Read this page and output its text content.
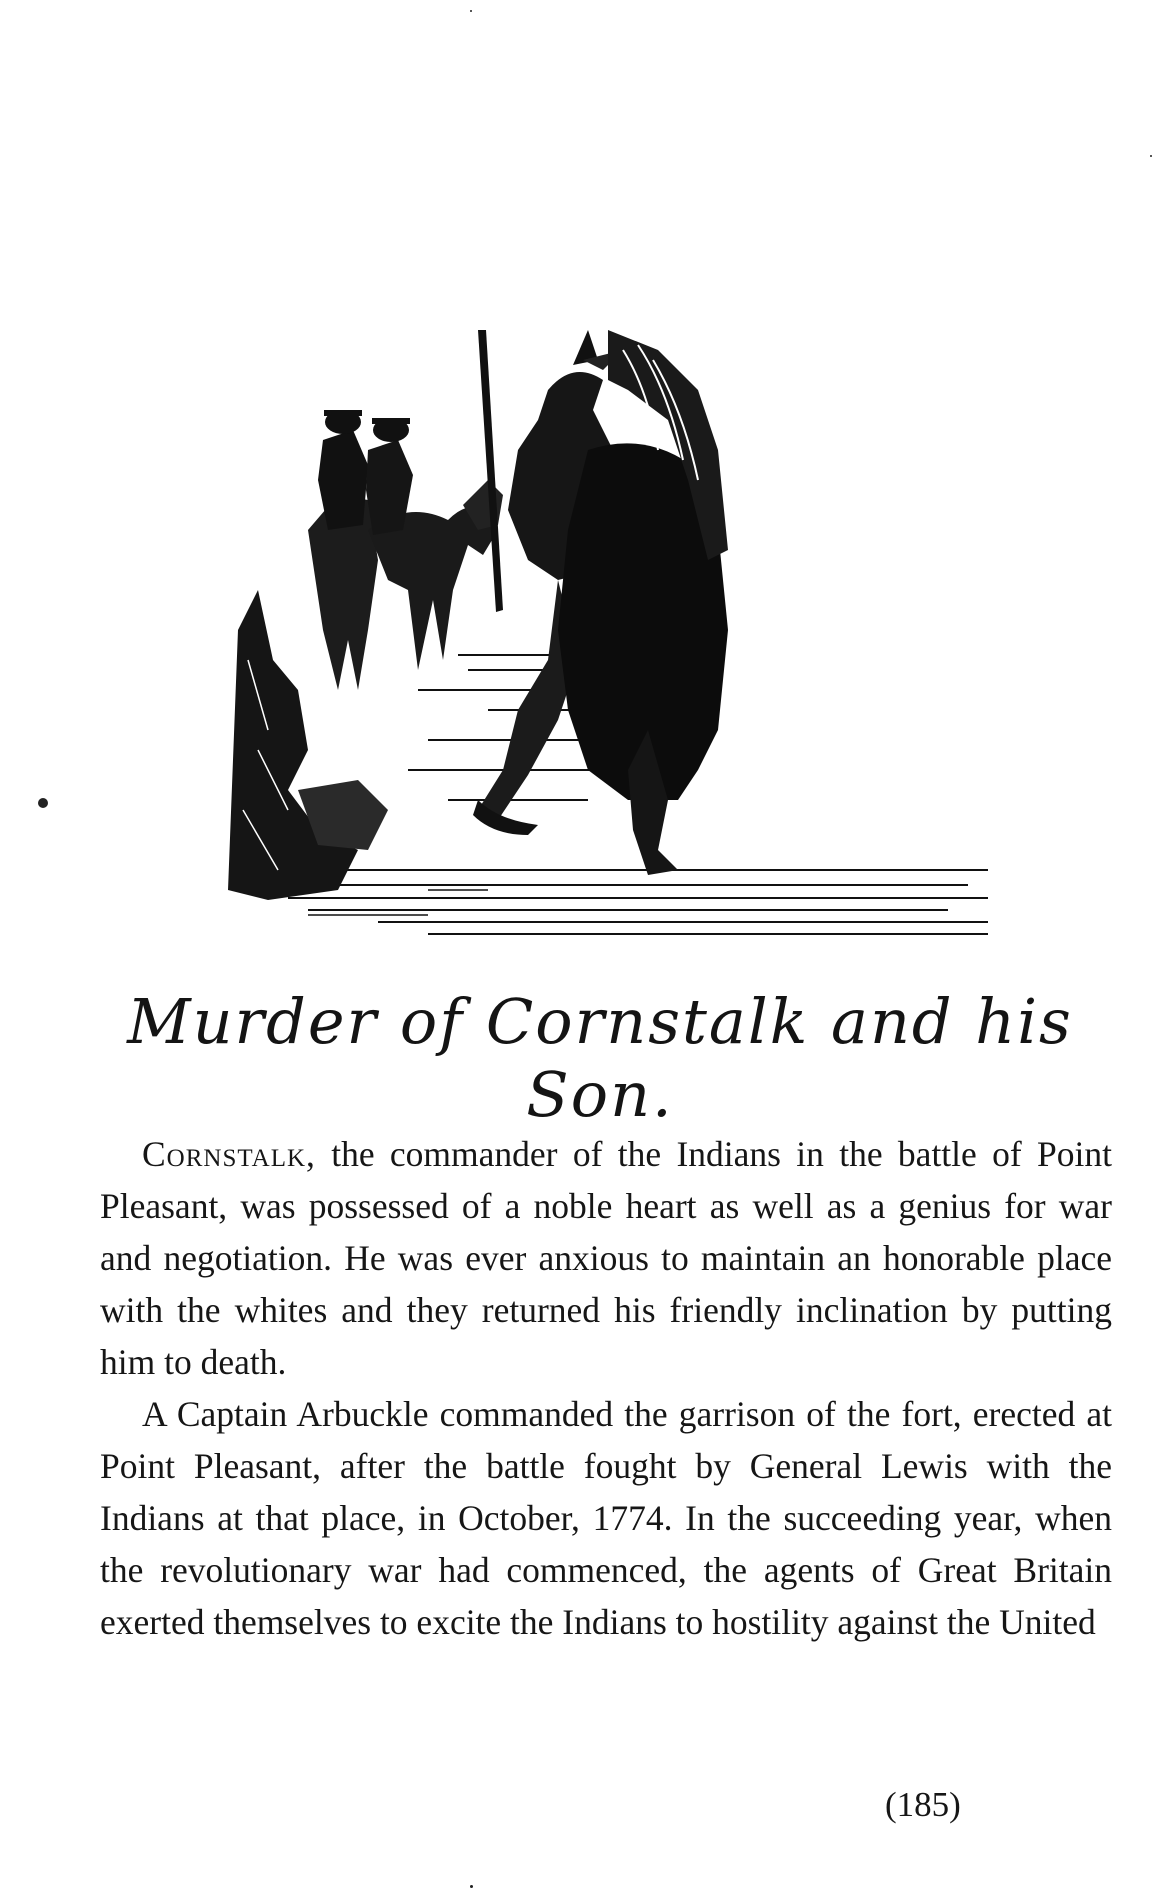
Murder of Cornstalk and his Son.

Cornstalk, the commander of the Indians in the battle of Point Pleasant, was possessed of a noble heart as well as a genius for war and negotiation. He was ever anxious to maintain an honorable place with the whites and they returned his friendly inclination by putting him to death.

A Captain Arbuckle commanded the garrison of the fort, erected at Point Pleasant, after the battle fought by General Lewis with the Indians at that place, in October, 1774. In the succeeding year, when the revolutionary war had commenced, the agents of Great Britain exerted themselves to excite the Indians to hostility against the United

(185)
